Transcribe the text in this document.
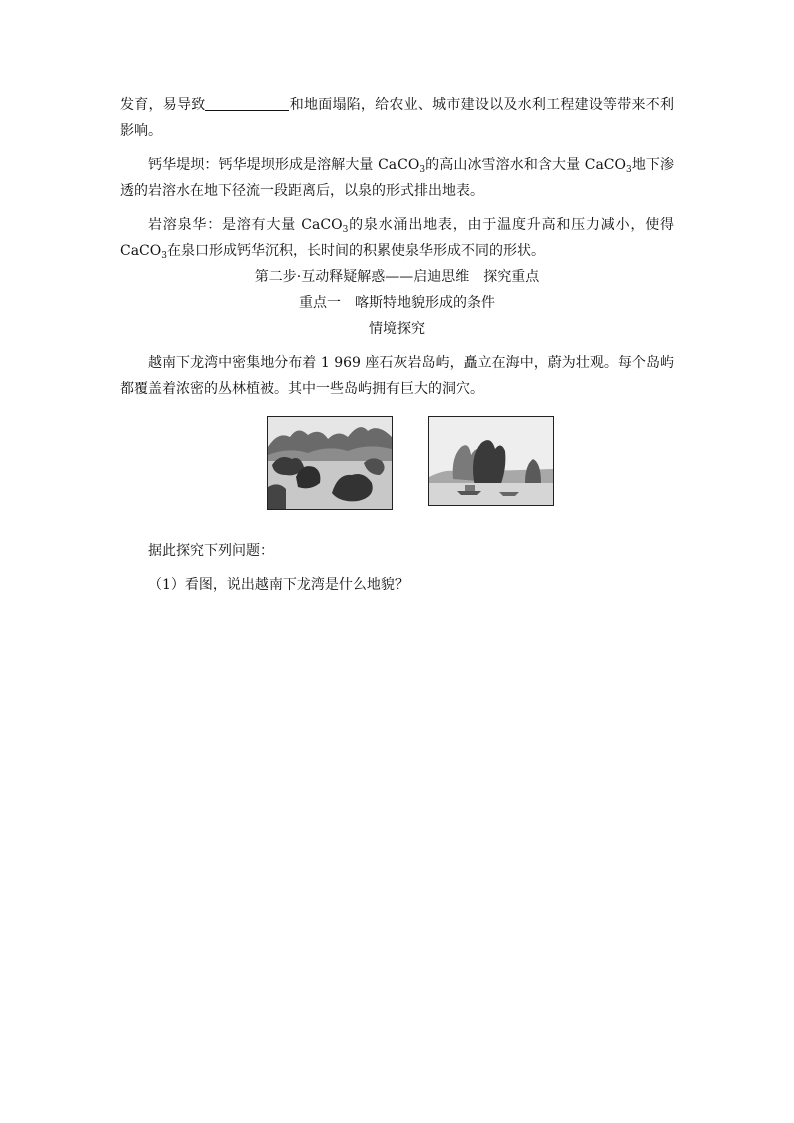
发育，易导致	和地面塌陷，给农业、城市建设以及水利工程建设等带来不利影响。

钙华堤坝：钙华堤坝形成是溶解大量 CaCO$_3$的高山冰雪溶水和含大量 CaCO$_3$地下渗透的岩溶水在地下径流一段距离后，以泉的形式排出地表。

岩溶泉华：是溶有大量 CaCO$_3$的泉水涌出地表，由于温度升高和压力减小，使得 CaCO$_3$在泉口形成钙华沉积，长时间的积累使泉华形成不同的形状。

第二步·互动释疑解惑——启迪思维　探究重点

重点一　喀斯特地貌形成的条件

情境探究

越南下龙湾中密集地分布着 1 969 座石灰岩岛屿，矗立在海中，蔚为壮观。每个岛屿都覆盖着浓密的丛林植被。其中一些岛屿拥有巨大的洞穴。

据此探究下列问题：

（1）看图，说出越南下龙湾是什么地貌？
